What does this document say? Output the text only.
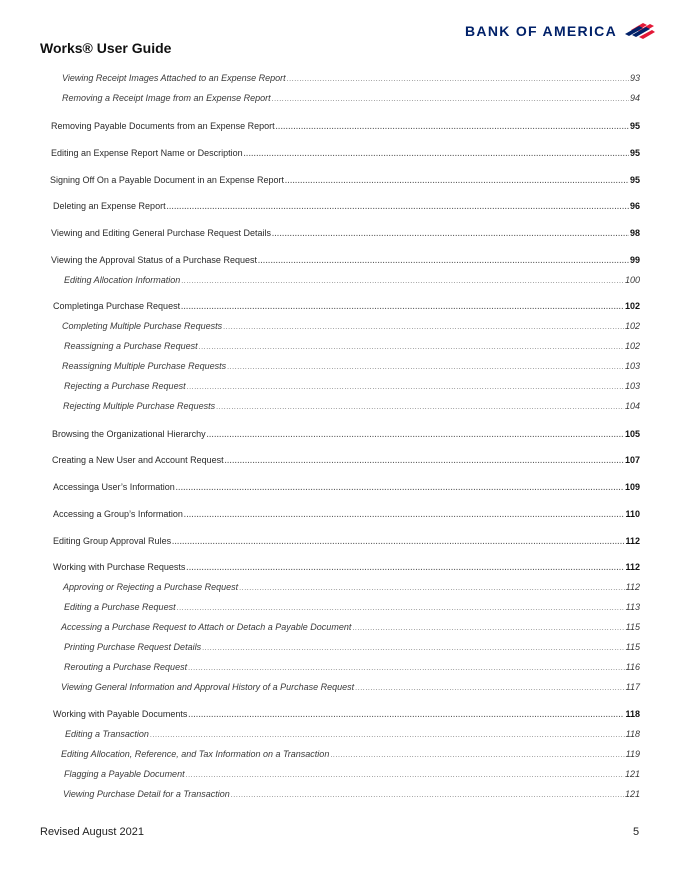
Works® User Guide
BANK OF AMERICA
Viewing Receipt Images Attached to an Expense Report .....	93
Removing a Receipt Image from an Expense Report .....	94
Removing Payable Documents from an Expense Report .....	95
Editing an Expense Report Name or Description .....	95
Signing Off On a Payable Document in an Expense Report .....	95
Deleting an Expense Report .....	96
Viewing and Editing General Purchase Request Details .....	98
Viewing the Approval Status of a Purchase Request .....	99
Editing Allocation Information .....	100
Completinga Purchase Request .....	102
Completing Multiple Purchase Requests .....	102
Reassigning a Purchase Request .....	102
Reassigning Multiple Purchase Requests .....	103
Rejecting a Purchase Request .....	103
Rejecting Multiple Purchase Requests .....	104
Browsing the Organizational Hierarchy .....	105
Creating a New User and Account Request .....	107
Accessinga User’s Information .....	109
Accessing a Group’s Information .....	110
Editing Group Approval Rules .....	112
Working with Purchase Requests .....	112
Approving or Rejecting a Purchase Request .....	112
Editing a Purchase Request .....	113
Accessing a Purchase Request to Attach or Detach a Payable Document .....	115
Printing Purchase Request Details .....	115
Rerouting a Purchase Request .....	116
Viewing General Information and Approval History of a Purchase Request .....	117
Working with Payable Documents .....	118
Editing a Transaction .....	118
Editing Allocation, Reference, and Tax Information on a Transaction .....	119
Flagging a Payable Document .....	121
Viewing Purchase Detail for a Transaction .....	121
Revised August 2021	5
